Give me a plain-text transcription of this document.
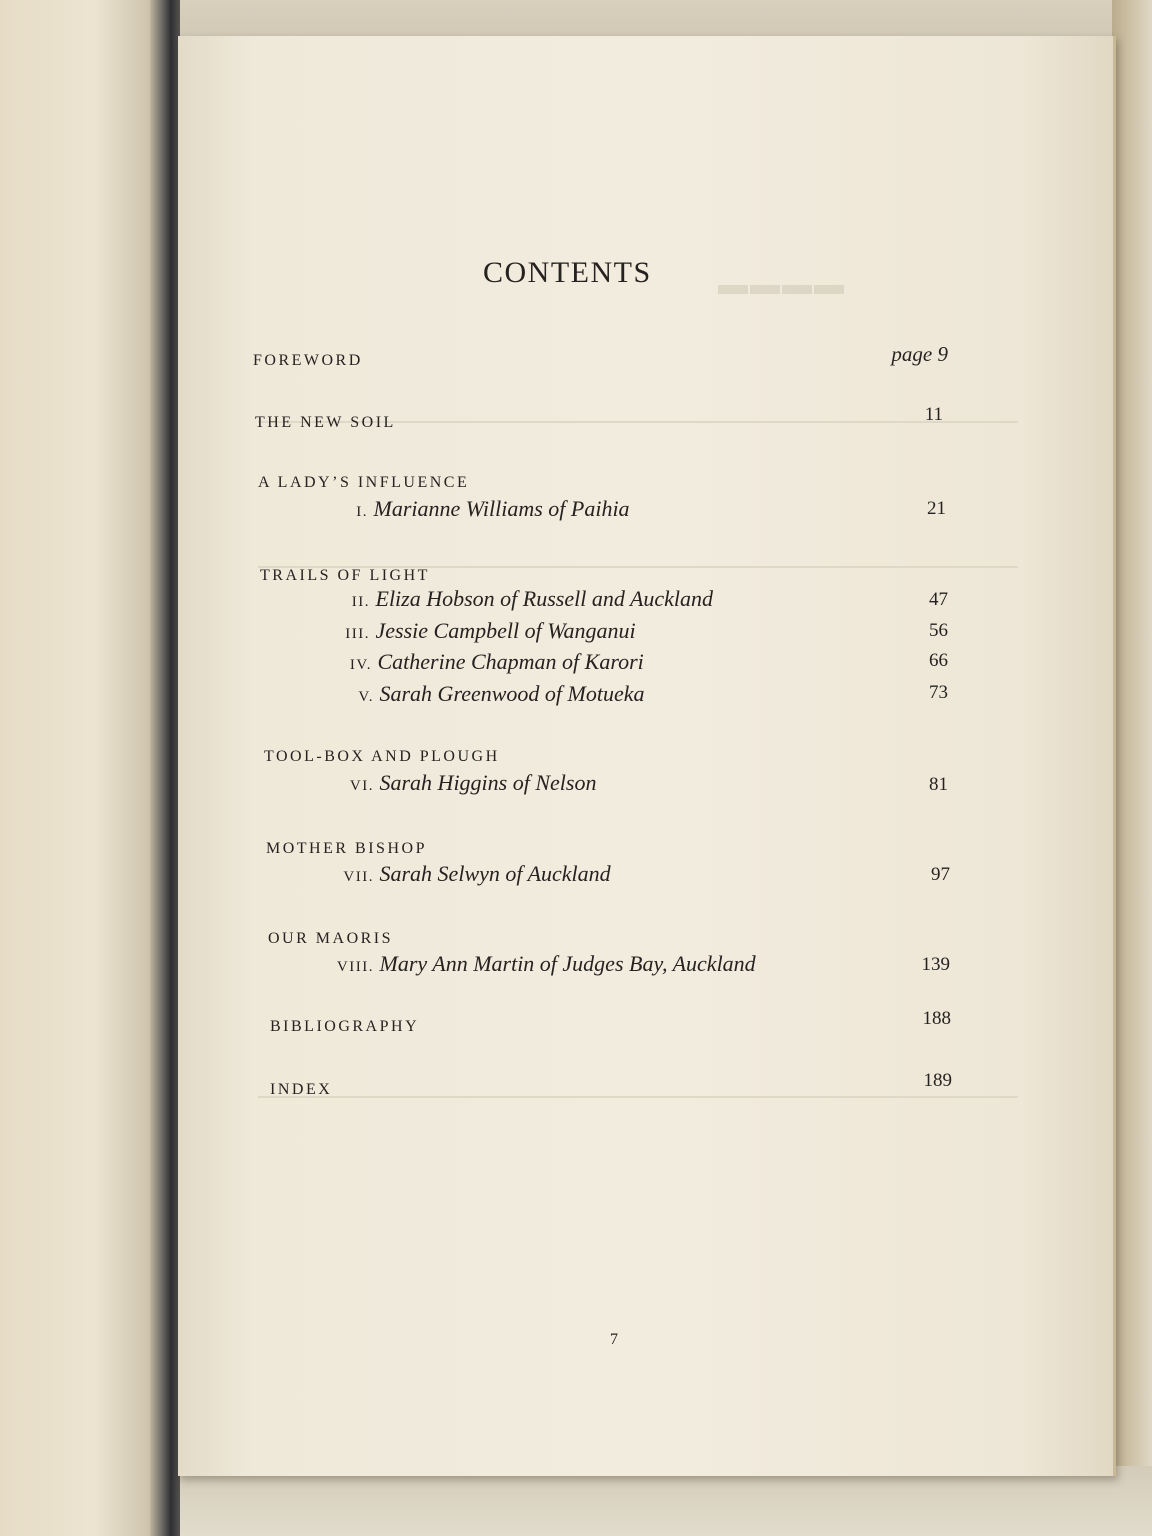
▬▬▬▬
CONTENTS
FOREWORD	page 9
THE NEW SOIL	11
A LADY’S INFLUENCE
I. Marianne Williams of Paihia	21
TRAILS OF LIGHT
II. Eliza Hobson of Russell and Auckland	47
III. Jessie Campbell of Wanganui	56
IV. Catherine Chapman of Karori	66
V. Sarah Greenwood of Motueka	73
TOOL-BOX AND PLOUGH
VI. Sarah Higgins of Nelson	81
MOTHER BISHOP
VII. Sarah Selwyn of Auckland	97
OUR MAORIS
VIII. Mary Ann Martin of Judges Bay, Auckland	139
BIBLIOGRAPHY	188
INDEX	189
7
